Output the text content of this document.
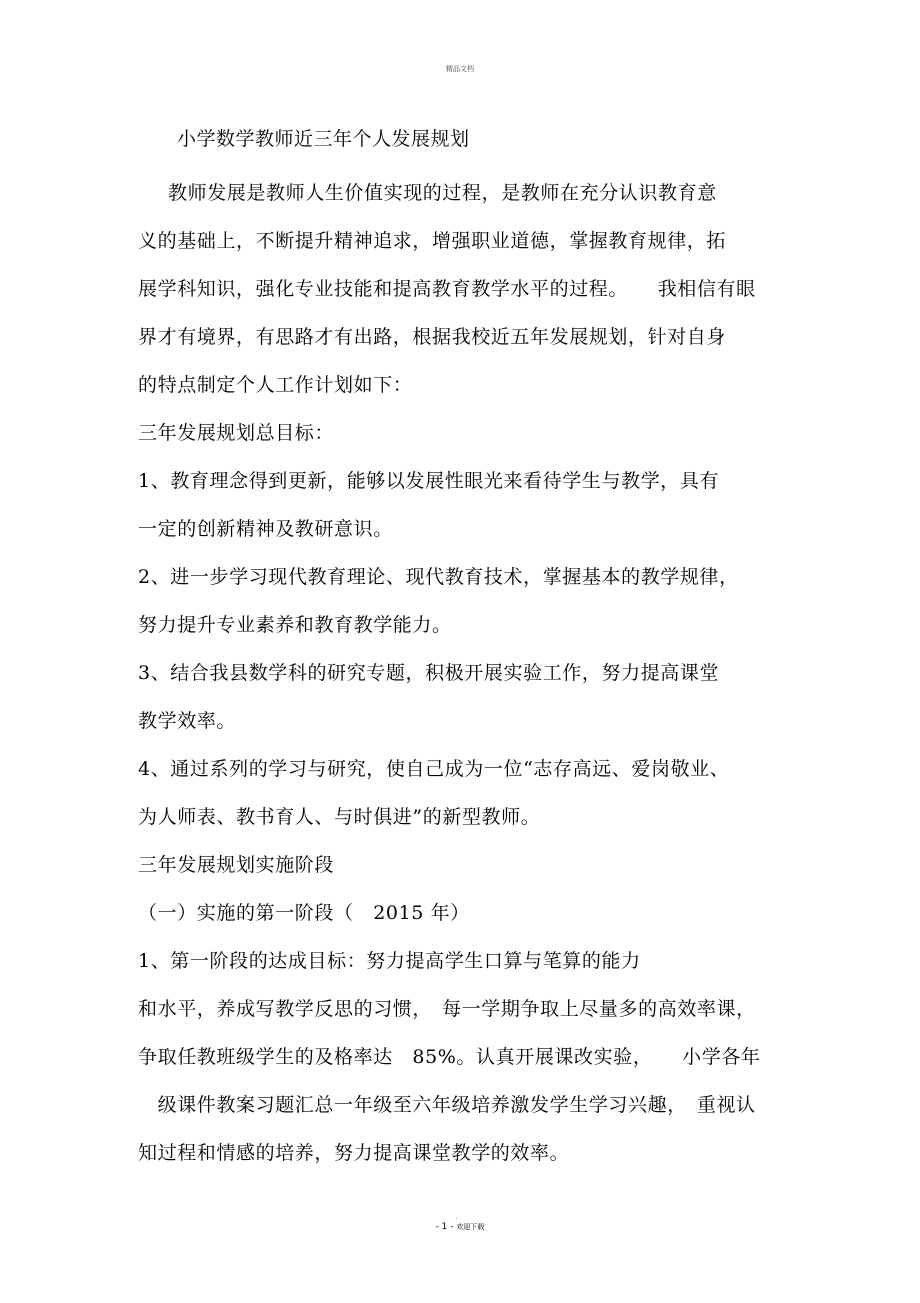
精品文档
小学数学教师近三年个人发展规划
教师发展是教师人生价值实现的过程，是教师在充分认识教育意
义的基础上，不断提升精神追求，增强职业道德，掌握教育规律，拓
展学科知识，强化专业技能和提高教育教学水平的过程。　　我相信有眼
界才有境界，有思路才有出路，根据我校近五年发展规划，针对自身
的特点制定个人工作计划如下：
三年发展规划总目标：
1、教育理念得到更新，能够以发展性眼光来看待学生与教学，具有
一定的创新精神及教研意识。
2、进一步学习现代教育理论、现代教育技术，掌握基本的教学规律，
努力提升专业素养和教育教学能力。
3、结合我县数学科的研究专题，积极开展实验工作，努力提高课堂
教学效率。
4、通过系列的学习与研究，使自己成为一位“志存高远、爱岗敬业、
为人师表、教书育人、与时俱进”的新型教师。
三年发展规划实施阶段
（一）实施的第一阶段（　2015 年）
1、第一阶段的达成目标：努力提高学生口算与笔算的能力
和水平，养成写教学反思的习惯，　每一学期争取上尽量多的高效率课，
争取任教班级学生的及格率达　85%。认真开展课改实验，　　小学各年
　级课件教案习题汇总一年级至六年级培养激发学生学习兴趣，　重视认
知过程和情感的培养，努力提高课堂教学的效率。
.
- 1 - 欢迎下载
